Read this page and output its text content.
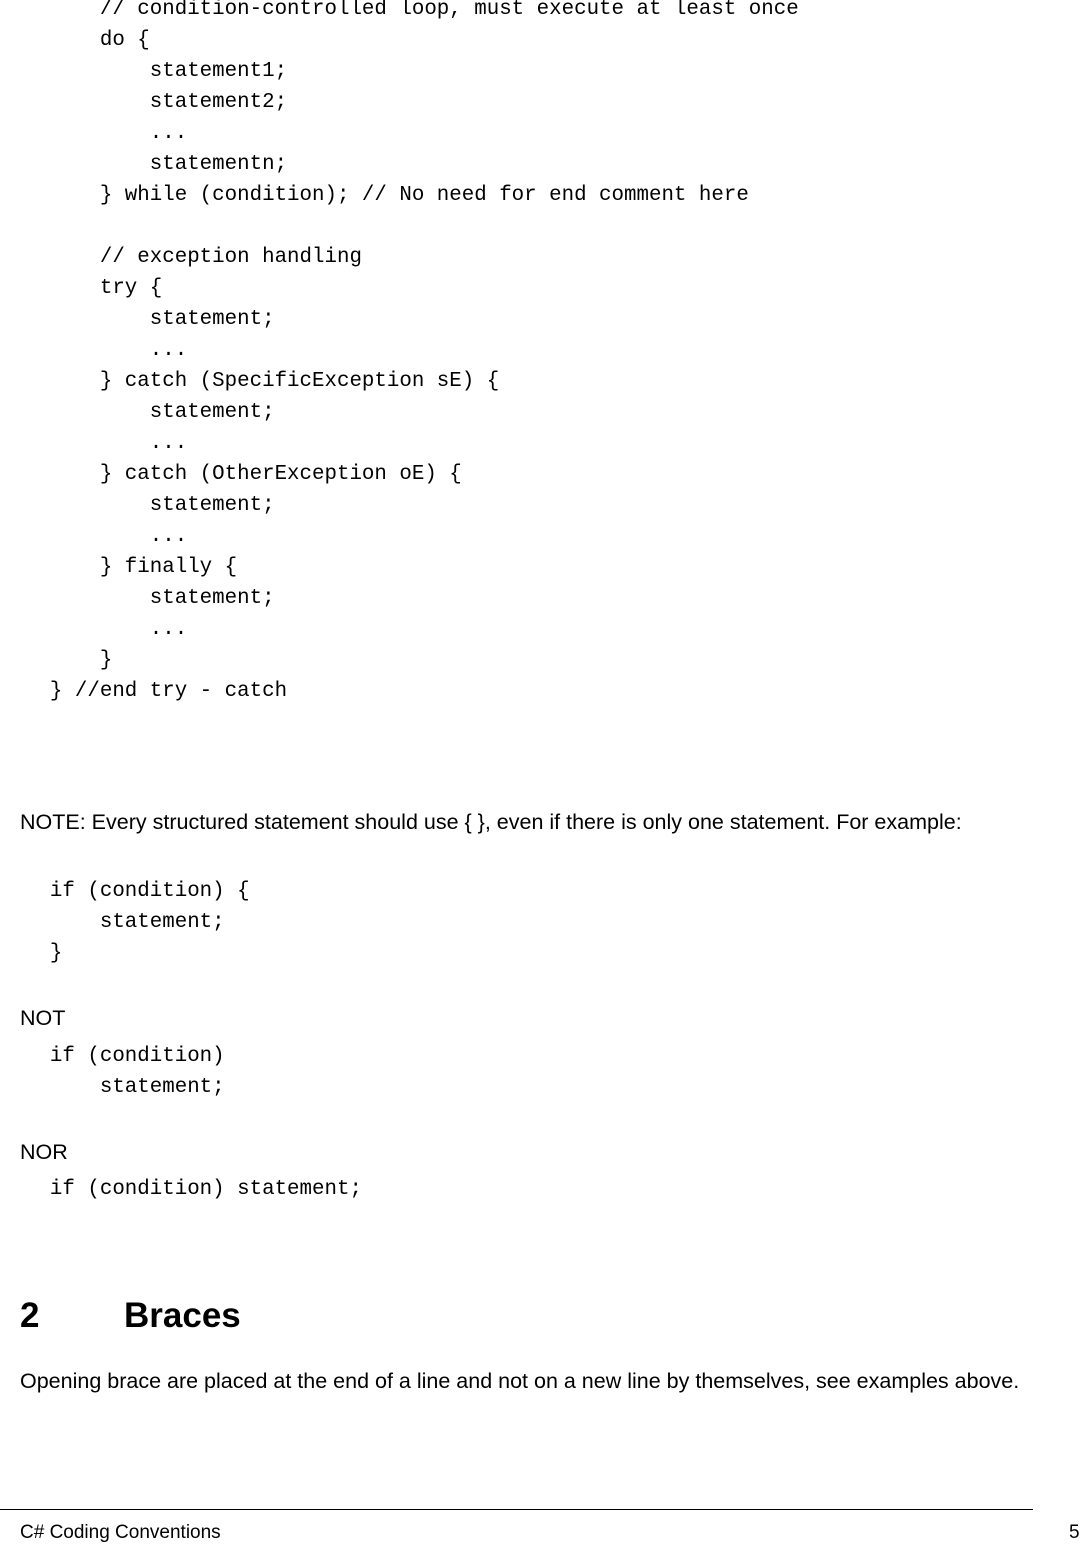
// condition-controlled loop, must execute at least once
do {
statement1;
statement2;
...
statementn;
} while (condition); // No need for end comment here
// exception handling
try {
statement;
...
} catch (SpecificException sE) {
statement;
...
} catch (OtherException oE) {
statement;
...
} finally {
statement;
...
}
} //end try - catch
NOTE: Every structured statement should use { }, even if there is only one statement. For example:
if (condition) {
statement;
}
NOT
if (condition)
statement;
NOR
if (condition) statement;
2 Braces
Opening brace are placed at the end of a line and not on a new line by themselves, see examples above.
C# Coding Conventions	5
